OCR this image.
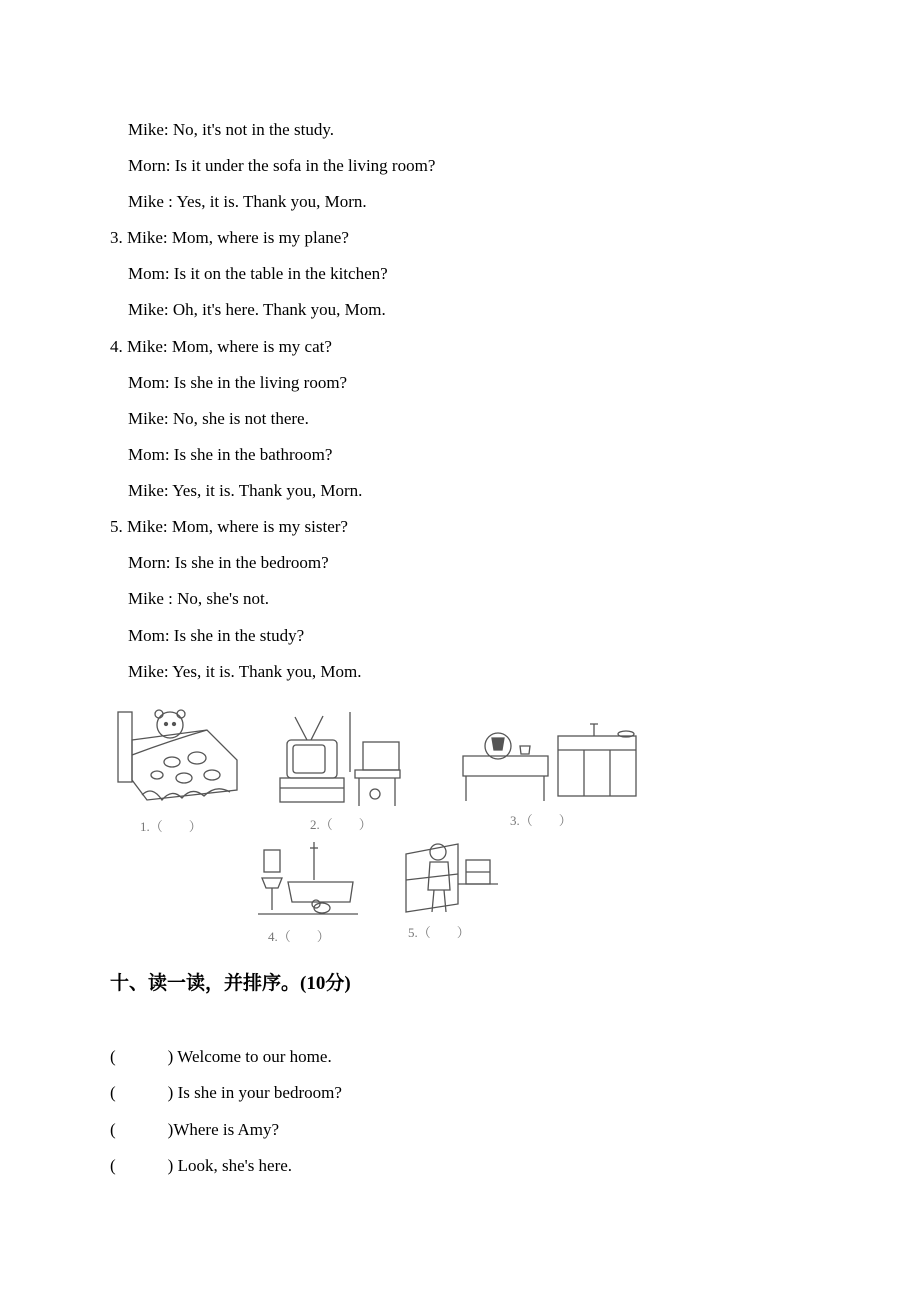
Mike: No, it's not in the study.
Morn: Is it under the sofa in the living room?
Mike : Yes, it is. Thank you, Morn.
3. Mike: Mom, where is my plane?
Mom: Is it on the table in the kitchen?
Mike: Oh, it's here. Thank you, Mom.
4. Mike: Mom, where is my cat?
Mom: Is she in the living room?
Mike: No, she is not there.
Mom: Is she in the bathroom?
Mike: Yes, it is. Thank you, Morn.
5. Mike: Mom, where is my sister?
Morn: Is she in the bedroom?
Mike : No, she's not.
Mom: Is she in the study?
Mike: Yes, it is. Thank you, Mom.
1.（　　）	2.（　　）	3.（　　）
4.（　　）	5.（　　）
十、读一读，并排序。(10分)
(	) Welcome to our home.
(	) Is she in your bedroom?
(	)Where is Amy?
(	) Look, she's here.
